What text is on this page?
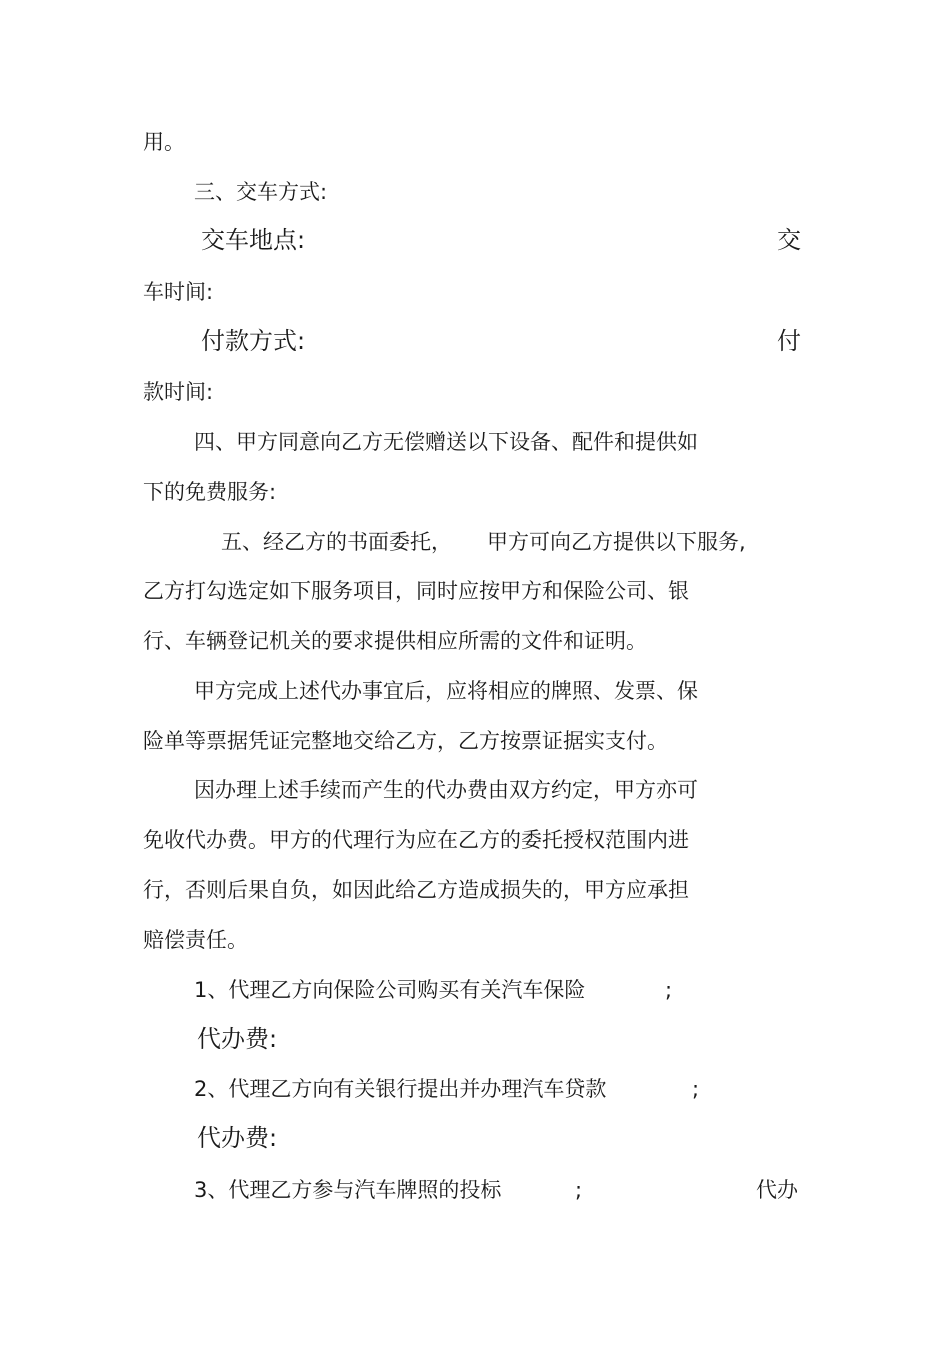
用。
三、交车方式:
交车地点:	交
车时间:
付款方式:	付
款时间:
四、甲方同意向乙方无偿赠送以下设备、配件和提供如
下的免费服务:
五、经乙方的书面委托， 甲方可向乙方提供以下服务,
乙方打勾选定如下服务项目，同时应按甲方和保险公司、银
行、车辆登记机关的要求提供相应所需的文件和证明。
甲方完成上述代办事宜后，应将相应的牌照、发票、保
险单等票据凭证完整地交给乙方，乙方按票证据实支付。
因办理上述手续而产生的代办费由双方约定，甲方亦可
免收代办费。甲方的代理行为应在乙方的委托授权范围内进
行，否则后果自负，如因此给乙方造成损失的，甲方应承担
赔偿责任。
1、代理乙方向保险公司购买有关汽车保险	;
代办费:
2、代理乙方向有关银行提出并办理汽车贷款	;
代办费:
3、代理乙方参与汽车牌照的投标	;	代办
